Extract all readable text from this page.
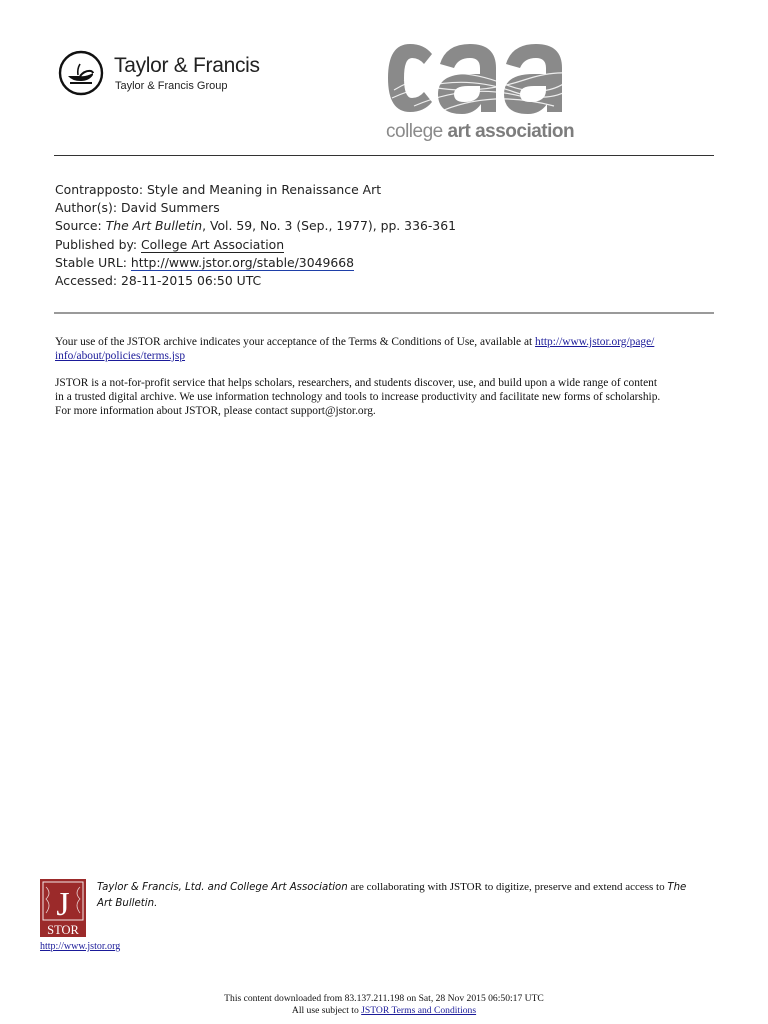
Taylor & Francis
Taylor & Francis Group
college art association
Contrapposto: Style and Meaning in Renaissance Art
Author(s): David Summers
Source: The Art Bulletin, Vol. 59, No. 3 (Sep., 1977), pp. 336-361
Published by: College Art Association
Stable URL: http://www.jstor.org/stable/3049668
Accessed: 28-11-2015 06:50 UTC

Your use of the JSTOR archive indicates your acceptance of the Terms & Conditions of Use, available at http://www.jstor.org/page/
info/about/policies/terms.jsp

JSTOR is a not-for-profit service that helps scholars, researchers, and students discover, use, and build upon a wide range of content
in a trusted digital archive. We use information technology and tools to increase productivity and facilitate new forms of scholarship.
For more information about JSTOR, please contact support@jstor.org.

J
STOR
http://www.jstor.org
Taylor & Francis, Ltd. and College Art Association are collaborating with JSTOR to digitize, preserve and extend access to The
Art Bulletin.
This content downloaded from 83.137.211.198 on Sat, 28 Nov 2015 06:50:17 UTC
All use subject to JSTOR Terms and Conditions
